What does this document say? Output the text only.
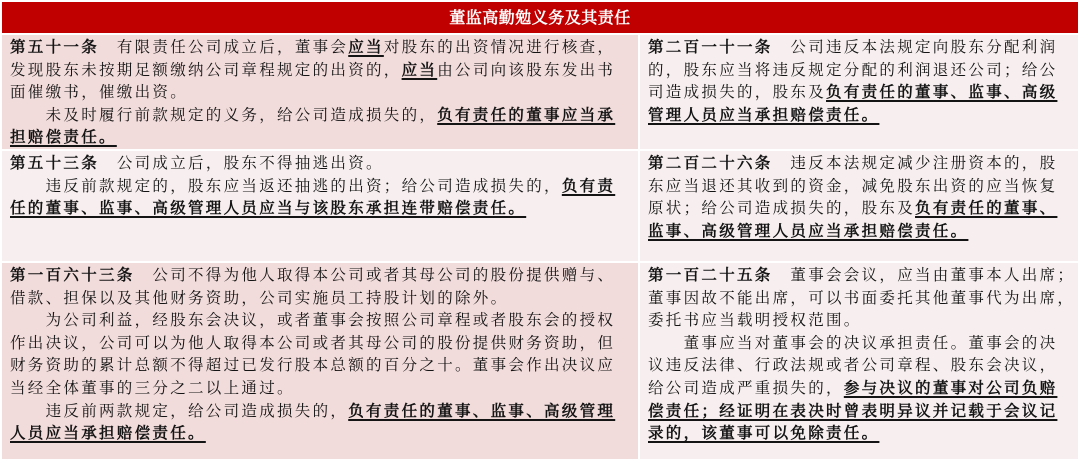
董监高勤勉义务及其责任
第五十一条　有限责任公司成立后，董事会应当对股东的出资情况进行核查，
发现股东未按期足额缴纳公司章程规定的出资的，应当由公司向该股东发出书
面催缴书，催缴出资。
　　未及时履行前款规定的义务，给公司造成损失的，负有责任的董事应当承
担赔偿责任。
第二百一十一条　公司违反本法规定向股东分配利润
的，股东应当将违反规定分配的利润退还公司；给公
司造成损失的，股东及负有责任的董事、监事、高级
管理人员应当承担赔偿责任。
第五十三条　公司成立后，股东不得抽逃出资。
　　违反前款规定的，股东应当返还抽逃的出资；给公司造成损失的，负有责
任的董事、监事、高级管理人员应当与该股东承担连带赔偿责任。
第二百二十六条　违反本法规定减少注册资本的，股
东应当退还其收到的资金，减免股东出资的应当恢复
原状；给公司造成损失的，股东及负有责任的董事、
监事、高级管理人员应当承担赔偿责任。
第一百六十三条　公司不得为他人取得本公司或者其母公司的股份提供赠与、
借款、担保以及其他财务资助，公司实施员工持股计划的除外。
　　为公司利益，经股东会决议，或者董事会按照公司章程或者股东会的授权
作出决议，公司可以为他人取得本公司或者其母公司的股份提供财务资助，但
财务资助的累计总额不得超过已发行股本总额的百分之十。董事会作出决议应
当经全体董事的三分之二以上通过。
　　违反前两款规定，给公司造成损失的，负有责任的董事、监事、高级管理
人员应当承担赔偿责任。
第一百二十五条　董事会会议，应当由董事本人出席；
董事因故不能出席，可以书面委托其他董事代为出席，
委托书应当载明授权范围。
　　董事应当对董事会的决议承担责任。董事会的决
议违反法律、行政法规或者公司章程、股东会决议，
给公司造成严重损失的，参与决议的董事对公司负赔
偿责任；经证明在表决时曾表明异议并记载于会议记
录的，该董事可以免除责任。
